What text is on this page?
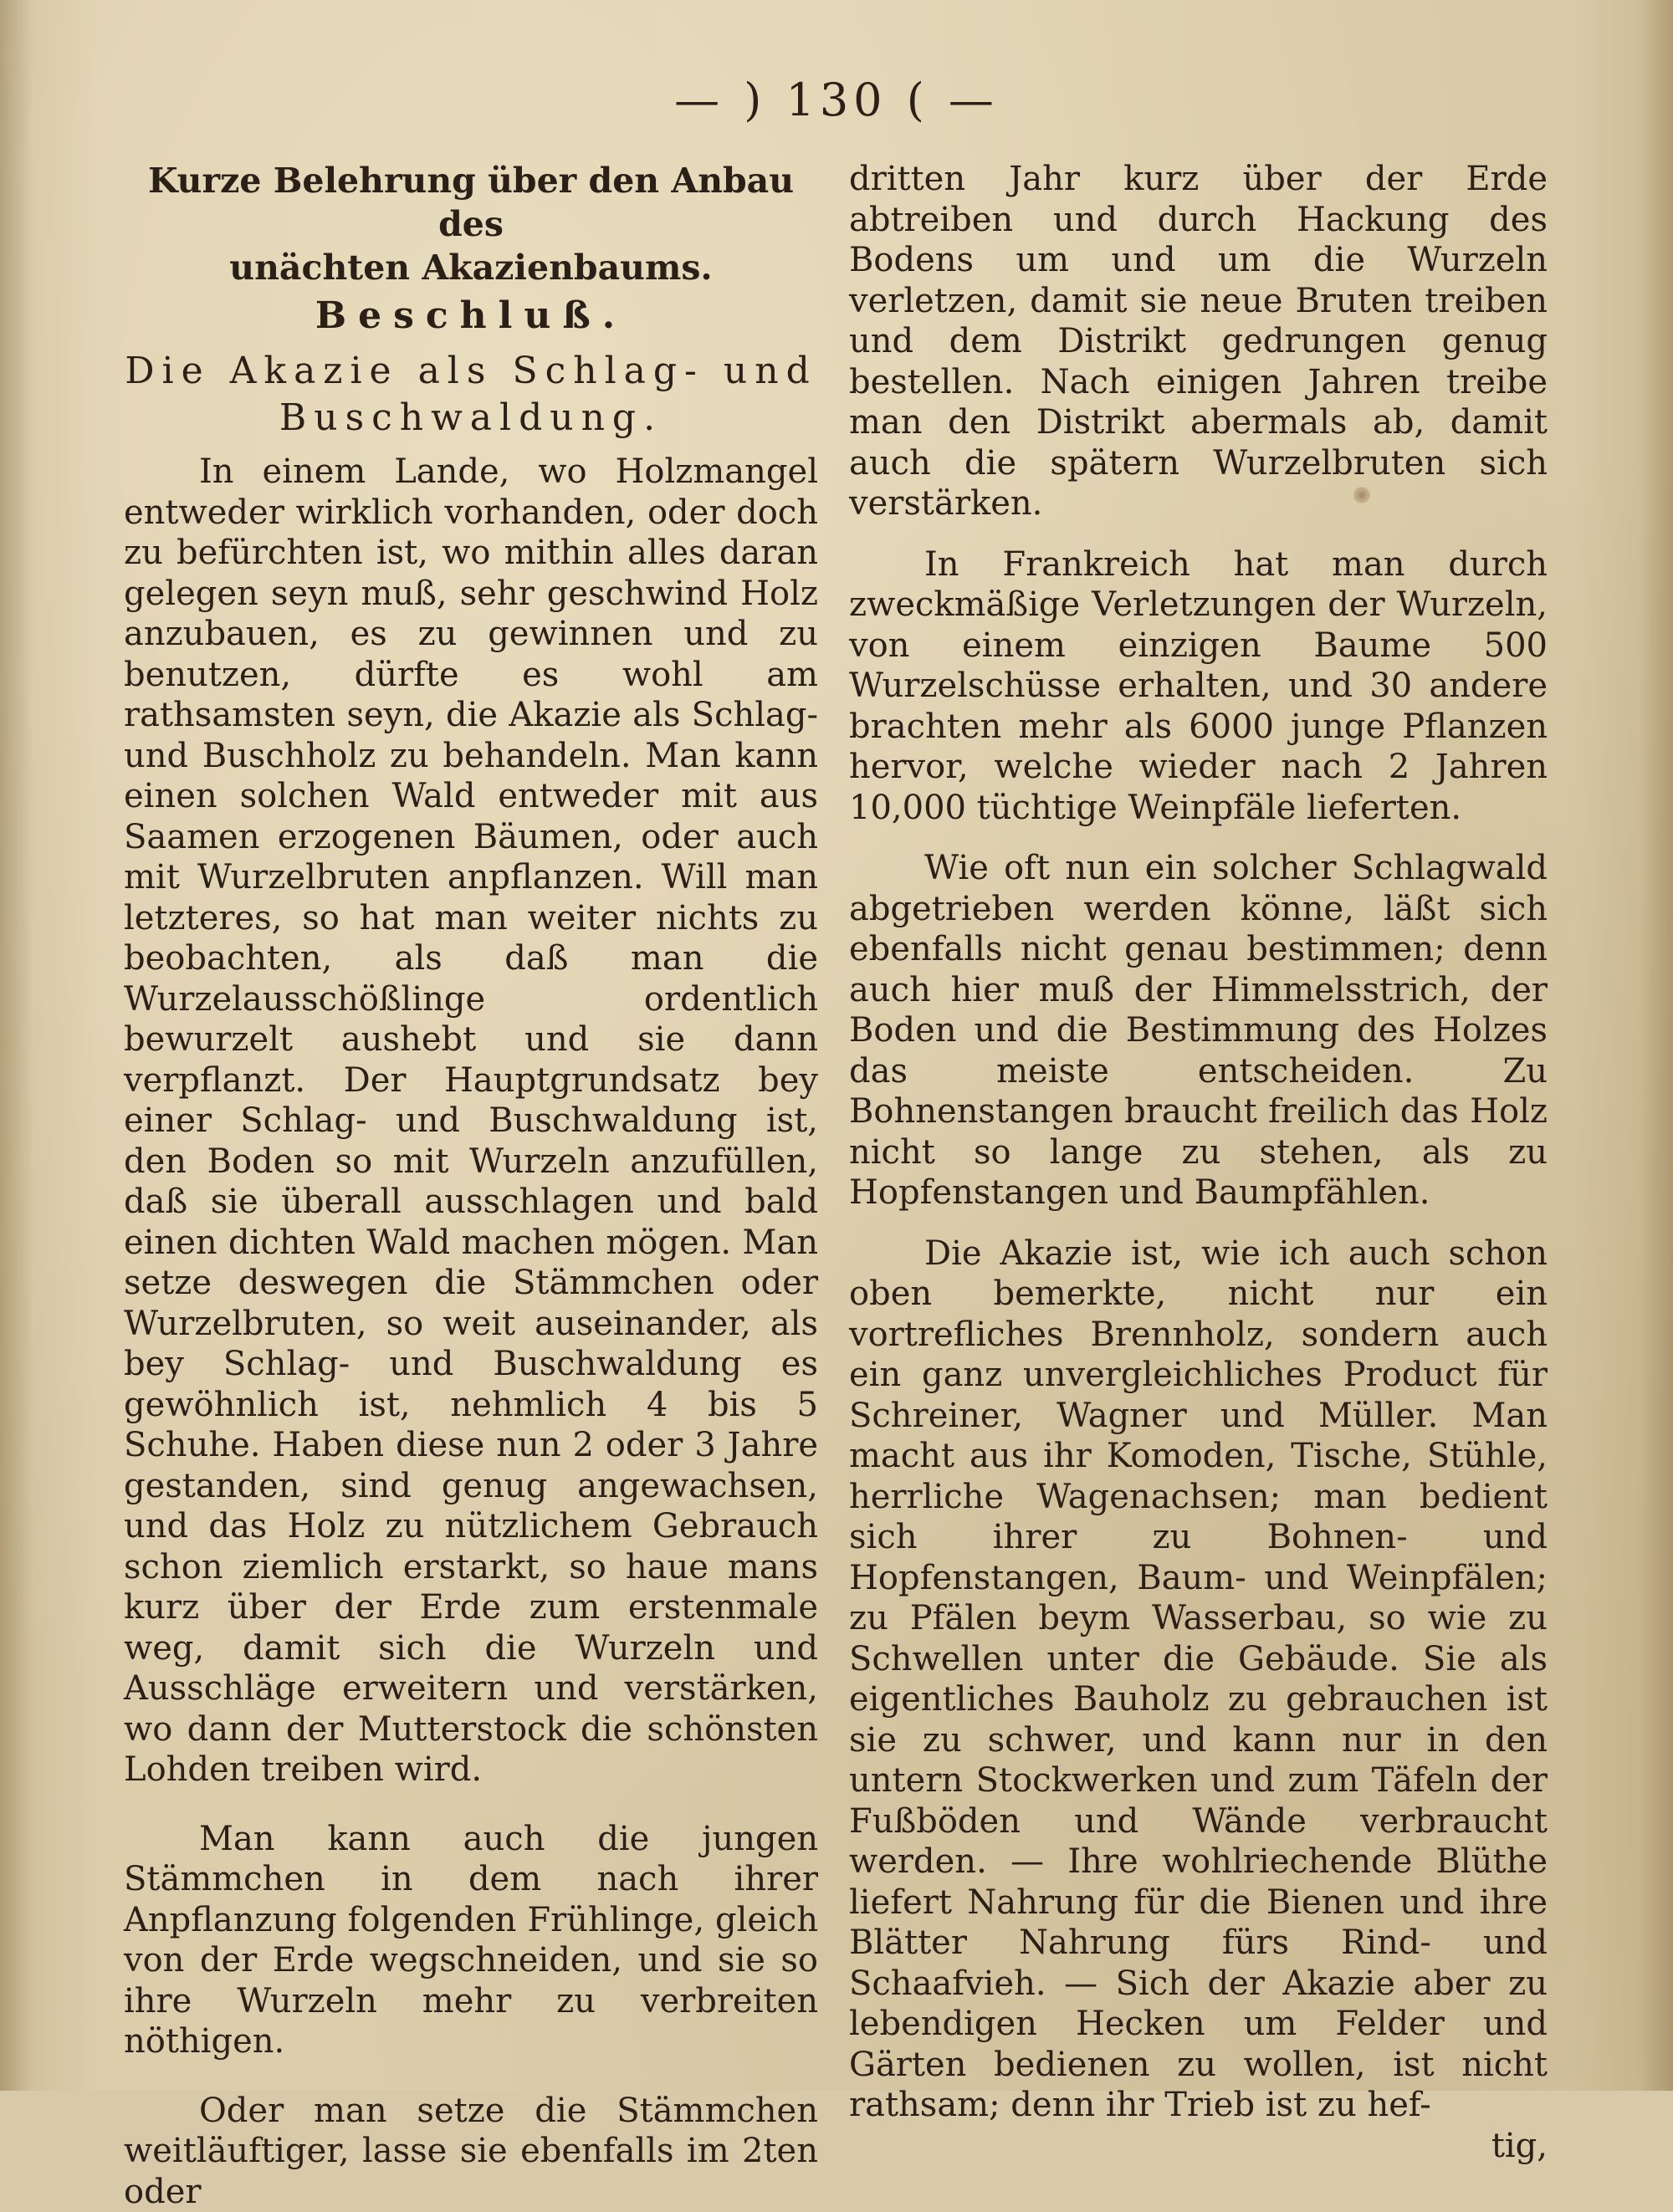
— ) 130 ( —

Kurze Belehrung über den Anbau des

unächten Akazienbaums.

Beschluß.

Die Akazie als Schlag- und

Buschwaldung.

In einem Lande, wo Holzmangel entweder wirklich vorhanden, oder doch zu befürchten ist, wo mithin alles daran gelegen seyn muß, sehr geschwind Holz anzubauen, es zu gewinnen und zu benutzen, dürfte es wohl am rathsamsten seyn, die Akazie als Schlag- und Buschholz zu behandeln. Man kann einen solchen Wald entweder mit aus Saamen erzogenen Bäumen, oder auch mit Wurzelbruten anpflanzen. Will man letzteres, so hat man weiter nichts zu beobachten, als daß man die Wurzelausschößlinge ordentlich bewurzelt aushebt und sie dann verpflanzt. Der Hauptgrundsatz bey einer Schlag- und Buschwaldung ist, den Boden so mit Wurzeln anzufüllen, daß sie überall ausschlagen und bald einen dichten Wald machen mögen. Man setze deswegen die Stämmchen oder Wurzelbruten, so weit auseinander, als bey Schlag- und Buschwaldung es gewöhnlich ist, nehmlich 4 bis 5 Schuhe. Haben diese nun 2 oder 3 Jahre gestanden, sind genug angewachsen, und das Holz zu nützlichem Gebrauch schon ziemlich erstarkt, so haue mans kurz über der Erde zum erstenmale weg, damit sich die Wurzeln und Ausschläge erweitern und verstärken, wo dann der Mutterstock die schönsten Lohden treiben wird.

Man kann auch die jungen Stämmchen in dem nach ihrer Anpflanzung folgenden Frühlinge, gleich von der Erde wegschneiden, und sie so ihre Wurzeln mehr zu verbreiten nöthigen.

Oder man setze die Stämmchen weitläuftiger, lasse sie ebenfalls im 2ten oder

dritten Jahr kurz über der Erde abtreiben und durch Hackung des Bodens um und um die Wurzeln verletzen, damit sie neue Bruten treiben und dem Distrikt gedrungen genug bestellen. Nach einigen Jahren treibe man den Distrikt abermals ab, damit auch die spätern Wurzelbruten sich verstärken.

In Frankreich hat man durch zweckmäßige Verletzungen der Wurzeln, von einem einzigen Baume 500 Wurzelschüsse erhalten, und 30 andere brachten mehr als 6000 junge Pflanzen hervor, welche wieder nach 2 Jahren 10,000 tüchtige Weinpfäle lieferten.

Wie oft nun ein solcher Schlagwald abgetrieben werden könne, läßt sich ebenfalls nicht genau bestimmen; denn auch hier muß der Himmelsstrich, der Boden und die Bestimmung des Holzes das meiste entscheiden. Zu Bohnenstangen braucht freilich das Holz nicht so lange zu stehen, als zu Hopfenstangen und Baumpfählen.

Die Akazie ist, wie ich auch schon oben bemerkte, nicht nur ein vortrefliches Brennholz, sondern auch ein ganz unvergleichliches Product für Schreiner, Wagner und Müller. Man macht aus ihr Komoden, Tische, Stühle, herrliche Wagenachsen; man bedient sich ihrer zu Bohnen- und Hopfenstangen, Baum- und Weinpfälen; zu Pfälen beym Wasserbau, so wie zu Schwellen unter die Gebäude. Sie als eigentliches Bauholz zu gebrauchen ist sie zu schwer, und kann nur in den untern Stockwerken und zum Täfeln der Fußböden und Wände verbraucht werden. — Ihre wohlriechende Blüthe liefert Nahrung für die Bienen und ihre Blätter Nahrung fürs Rind- und Schaafvieh. — Sich der Akazie aber zu lebendigen Hecken um Felder und Gärten bedienen zu wollen, ist nicht rathsam; denn ihr Trieb ist zu hef-

tig,
